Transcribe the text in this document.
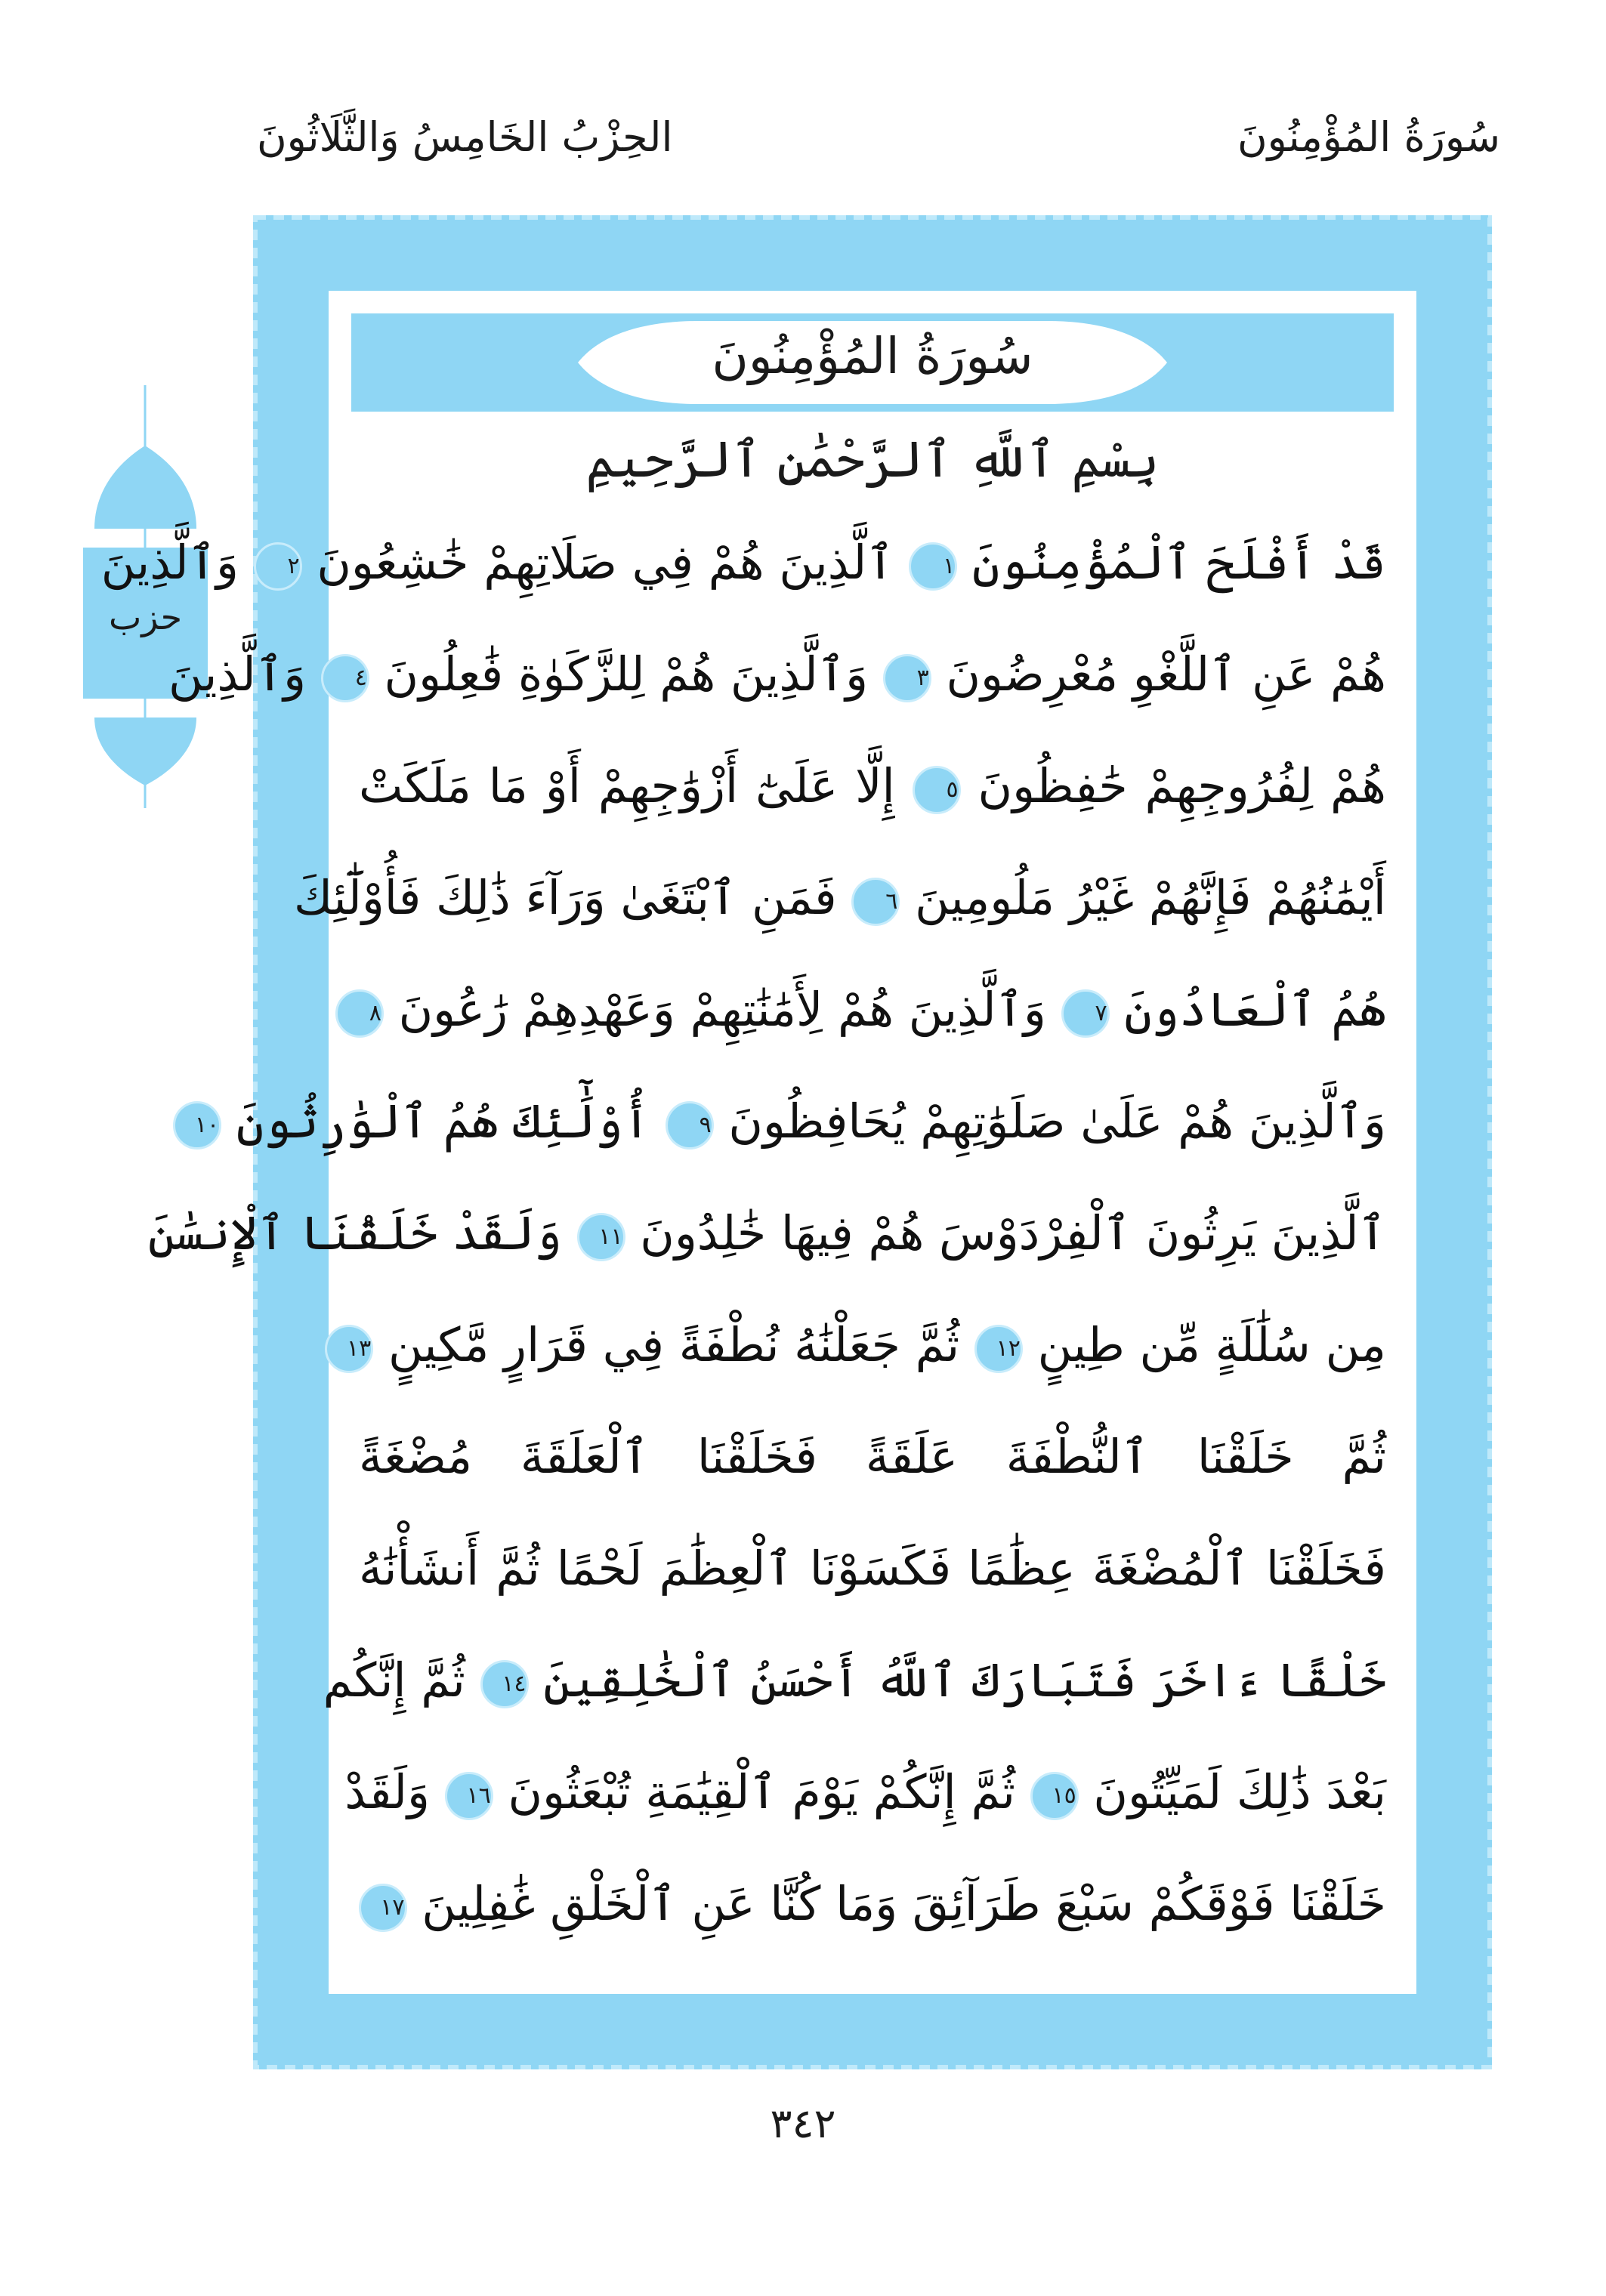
سُورَةُ المُؤْمِنُونَ
الحِزْبُ الخَامِسُ وَالثَّلَاثُونَ
حزب
سُورَةُ المُؤْمِنُونَ
بِسْمِ ٱللَّهِ ٱلرَّحْمَٰنِ ٱلرَّحِيمِ
قَدْ أَفْلَحَ ٱلْمُؤْمِنُونَ ١ ٱلَّذِينَ هُمْ فِي صَلَاتِهِمْ خَٰشِعُونَ ٢ وَٱلَّذِينَ
هُمْ عَنِ ٱللَّغْوِ مُعْرِضُونَ ٣ وَٱلَّذِينَ هُمْ لِلزَّكَوٰةِ فَٰعِلُونَ ٤ وَٱلَّذِينَ
هُمْ لِفُرُوجِهِمْ حَٰفِظُونَ ٥ إِلَّا عَلَىٰٓ أَزْوَٰجِهِمْ أَوْ مَا مَلَكَتْ
أَيْمَٰنُهُمْ فَإِنَّهُمْ غَيْرُ مَلُومِينَ ٦ فَمَنِ ٱبْتَغَىٰ وَرَآءَ ذَٰلِكَ فَأُوْلَٰٓئِكَ
هُمُ ٱلْعَادُونَ ٧ وَٱلَّذِينَ هُمْ لِأَمَٰنَٰتِهِمْ وَعَهْدِهِمْ رَٰعُونَ ٨
وَٱلَّذِينَ هُمْ عَلَىٰ صَلَوَٰتِهِمْ يُحَافِظُونَ ٩ أُوْلَٰٓئِكَ هُمُ ٱلْوَٰرِثُونَ ١٠
ٱلَّذِينَ يَرِثُونَ ٱلْفِرْدَوْسَ هُمْ فِيهَا خَٰلِدُونَ ١١ وَلَقَدْ خَلَقْنَا ٱلْإِنسَٰنَ
مِن سُلَٰلَةٍ مِّن طِينٍ ١٢ ثُمَّ جَعَلْنَٰهُ نُطْفَةً فِي قَرَارٍ مَّكِينٍ ١٣
ثُمَّ خَلَقْنَا ٱلنُّطْفَةَ عَلَقَةً فَخَلَقْنَا ٱلْعَلَقَةَ مُضْغَةً
فَخَلَقْنَا ٱلْمُضْغَةَ عِظَٰمًا فَكَسَوْنَا ٱلْعِظَٰمَ لَحْمًا ثُمَّ أَنشَأْنَٰهُ
خَلْقًا ءَاخَرَ فَتَبَارَكَ ٱللَّهُ أَحْسَنُ ٱلْخَٰلِقِينَ ١٤ ثُمَّ إِنَّكُم
بَعْدَ ذَٰلِكَ لَمَيِّتُونَ ١٥ ثُمَّ إِنَّكُمْ يَوْمَ ٱلْقِيَٰمَةِ تُبْعَثُونَ ١٦ وَلَقَدْ
خَلَقْنَا فَوْقَكُمْ سَبْعَ طَرَآئِقَ وَمَا كُنَّا عَنِ ٱلْخَلْقِ غَٰفِلِينَ ١٧
٣٤٢
